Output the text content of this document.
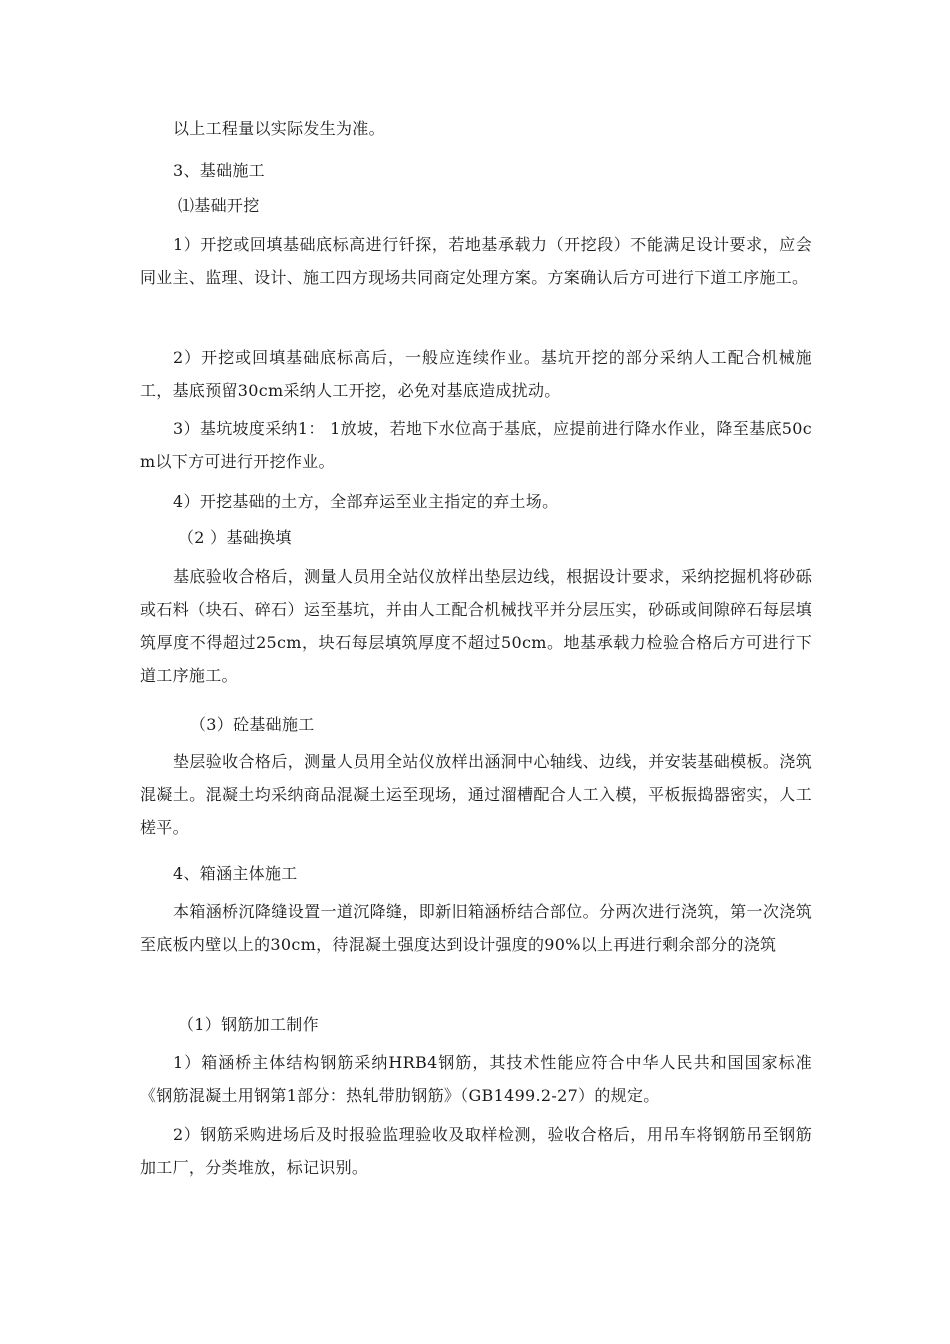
以上工程量以实际发生为准。

3、基础施工

⑴基础开挖

1）开挖或回填基础底标高进行钎探，若地基承载力（开挖段）不能满足设计要求，应会同业主、监理、设计、施工四方现场共同商定处理方案。方案确认后方可进行下道工序施工。

2）开挖或回填基础底标高后，一般应连续作业。基坑开挖的部分采纳人工配合机械施工，基底预留30cm采纳人工开挖，必免对基底造成扰动。

3）基坑坡度采纳1： 1放坡，若地下水位高于基底，应提前进行降水作业，降至基底50cm以下方可进行开挖作业。

4）开挖基础的土方，全部弃运至业主指定的弃土场。

（2 ）基础换填

基底验收合格后，测量人员用全站仪放样出垫层边线，根据设计要求，采纳挖掘机将砂砾或石料（块石、碎石）运至基坑，并由人工配合机械找平并分层压实，砂砾或间隙碎石每层填筑厚度不得超过25cm，块石每层填筑厚度不超过50cm。地基承载力检验合格后方可进行下道工序施工。

（3）砼基础施工

垫层验收合格后，测量人员用全站仪放样出涵洞中心轴线、边线，并安装基础模板。浇筑混凝土。混凝土均采纳商品混凝土运至现场，通过溜槽配合人工入模，平板振捣器密实，人工槎平。

4、箱涵主体施工

本箱涵桥沉降缝设置一道沉降缝，即新旧箱涵桥结合部位。分两次进行浇筑，第一次浇筑至底板内壁以上的30cm，待混凝土强度达到设计强度的90%以上再进行剩余部分的浇筑

（1）钢筋加工制作

1）箱涵桥主体结构钢筋采纳HRB4钢筋，其技术性能应符合中华人民共和国国家标准《钢筋混凝土用钢第1部分：热轧带肋钢筋》（GB1499.2-27）的规定。

2）钢筋采购进场后及时报验监理验收及取样检测，验收合格后，用吊车将钢筋吊至钢筋加工厂，分类堆放，标记识别。
